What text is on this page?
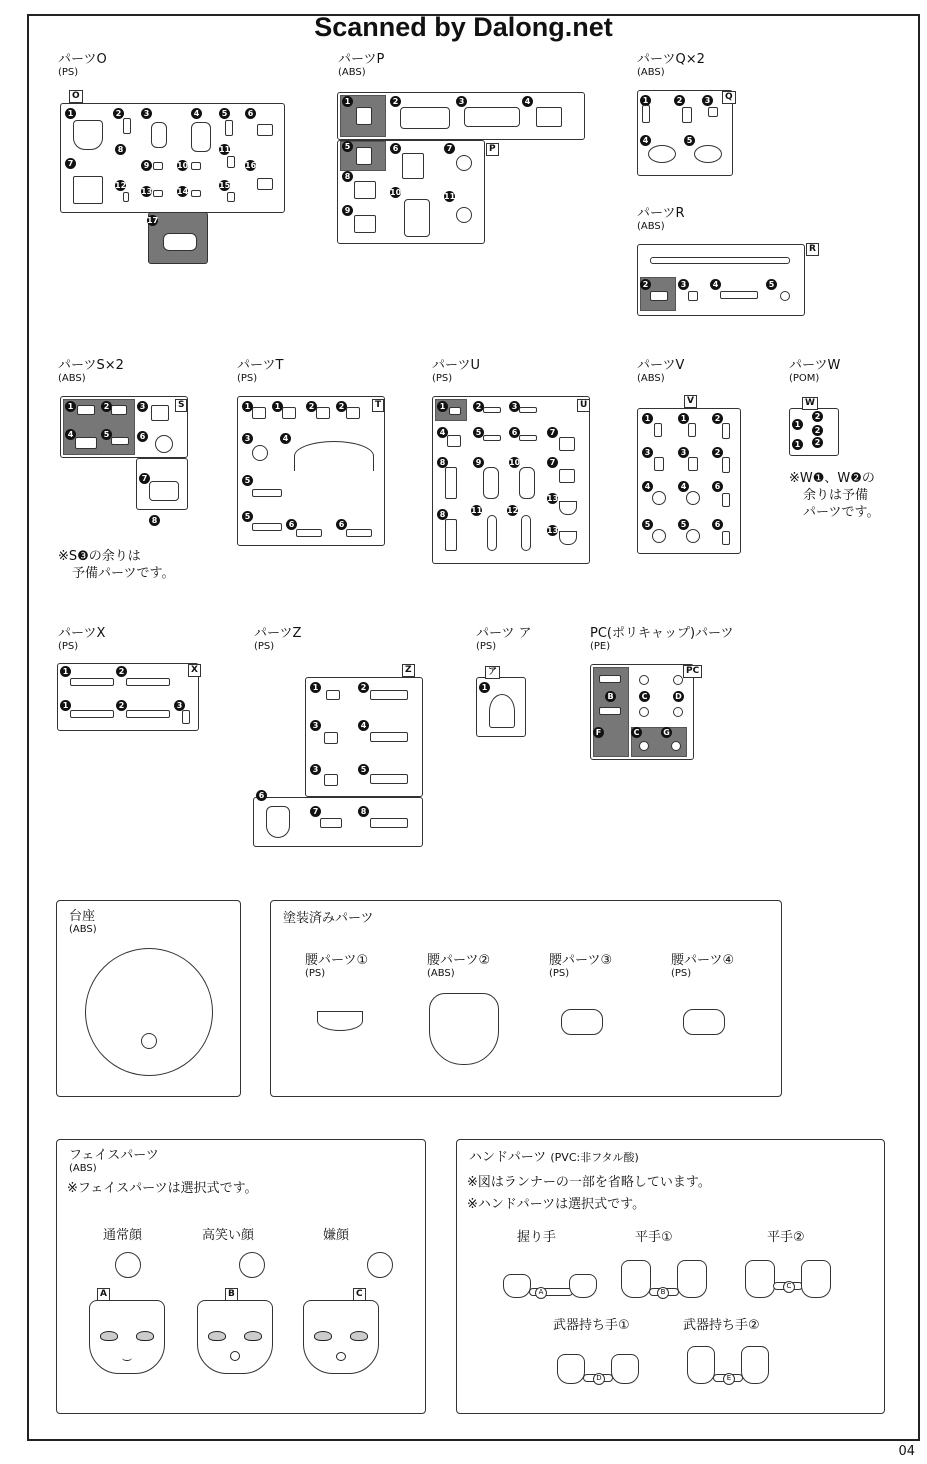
Scanned by Dalong.net
パーツO
(PS)
O
1	2	3	4	5	6
8
7	9	10
11
16
12
13	14
15
17
パーツP
(ABS)
1	2	3	4
P
5	6	7
8
10	11
9
パーツQ×2
(ABS)
Q
1	2	3
4	5
パーツR
(ABS)
R
2	3	4	5
パーツS×2
(ABS)
S
1	2
4	5
3
6
7
8
※S❸の余りは
予備パーツです。
パーツT
(PS)
T
1	1	2	2
3	4
5
5
6	6
パーツU
(PS)
U
1	2	3
4	5	6	7
8	9	10	7
13
8	11	12
13
パーツV
(ABS)
V
1	1	2
3	3	2
4	4	6
5	5	6
パーツW
(POM)
W
1
2
2
1	2
※W❶、W❷の
余りは予備
パーツです。
パーツX
(PS)
X
1	2
1	2	3
パーツZ
(PS)
Z
1	2
3	4
3	5
6
7	8
パーツ ア
(PS)
ア
1
PC(ポリキャップ)パーツ
(PE)
PC
B	C	D
F	C	G
台座
(ABS)
塗装済みパーツ
腰パーツ①
(PS)
腰パーツ②
(ABS)
腰パーツ③
(PS)
腰パーツ④
(PS)
フェイスパーツ
(ABS)
※フェイスパーツは選択式です。
通常顔	高笑い顔	嫌顔
A	B	C
ハンドパーツ (PVC:非フタル酸)
※図はランナーの一部を省略しています。
※ハンドパーツは選択式です。
握り手	平手①	平手②
武器持ち手①	武器持ち手②
A	B
C
D	E
04
